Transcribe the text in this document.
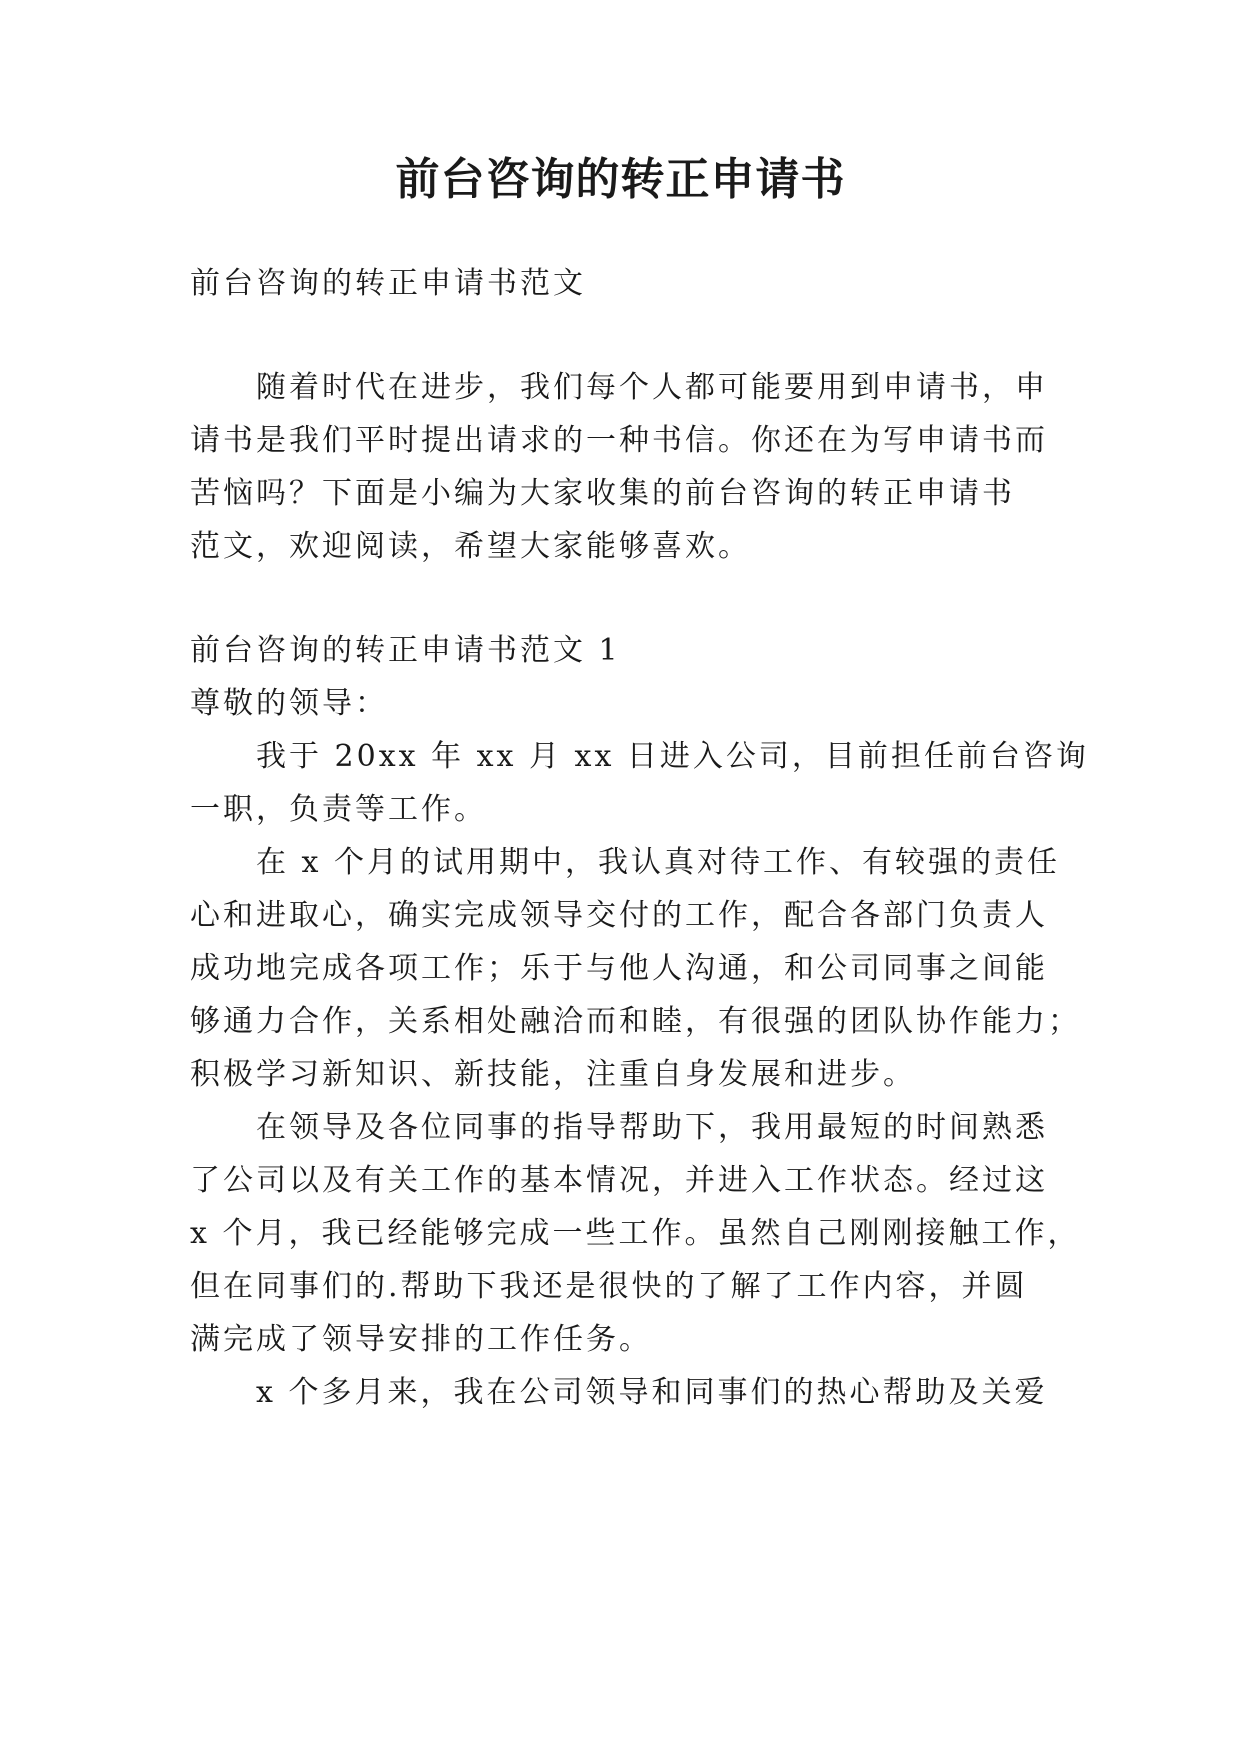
前台咨询的转正申请书

前台咨询的转正申请书范文

随着时代在进步，我们每个人都可能要用到申请书，申

请书是我们平时提出请求的一种书信。你还在为写申请书而

苦恼吗？下面是小编为大家收集的前台咨询的转正申请书

范文，欢迎阅读，希望大家能够喜欢。

前台咨询的转正申请书范文 1

尊敬的领导：

我于 20xx 年 xx 月 xx 日进入公司，目前担任前台咨询

一职，负责等工作。

在 x 个月的试用期中，我认真对待工作、有较强的责任

心和进取心，确实完成领导交付的工作，配合各部门负责人

成功地完成各项工作；乐于与他人沟通，和公司同事之间能

够通力合作，关系相处融洽而和睦，有很强的团队协作能力；

积极学习新知识、新技能，注重自身发展和进步。

在领导及各位同事的指导帮助下，我用最短的时间熟悉

了公司以及有关工作的基本情况，并进入工作状态。经过这

x 个月，我已经能够完成一些工作。虽然自己刚刚接触工作，

但在同事们的.帮助下我还是很快的了解了工作内容，并圆

满完成了领导安排的工作任务。

x 个多月来，我在公司领导和同事们的热心帮助及关爱
